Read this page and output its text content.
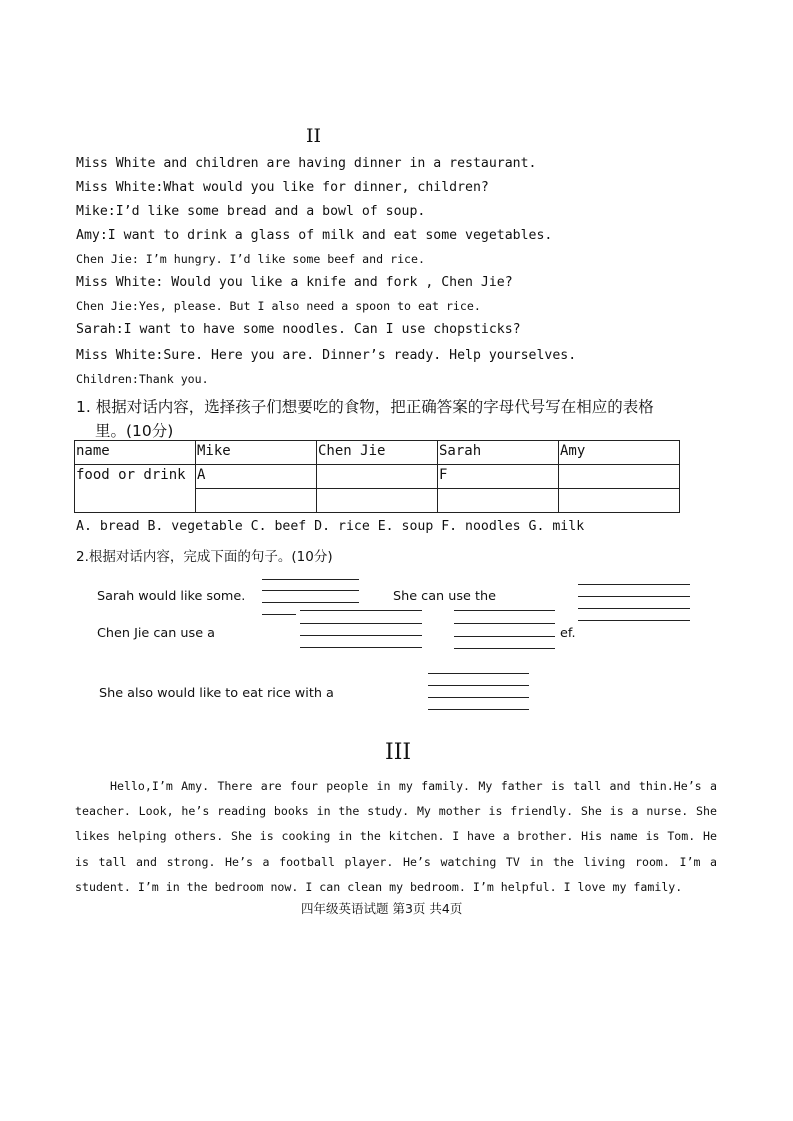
II
Miss White and children are having dinner in a restaurant.
Miss White:What would you like for dinner, children?
Mike:I’d like some bread and a bowl of soup.
Amy:I want to drink a glass of milk and eat some vegetables.
Chen Jie: I’m hungry. I’d like some beef and rice.
Miss White: Would you like a knife and fork , Chen Jie?
Chen Jie:Yes, please. But I also need a spoon to eat rice.
Sarah:I want to have some noodles. Can I use chopsticks?
Miss White:Sure. Here you are. Dinner’s ready. Help yourselves.
Children:Thank you.
1. 根据对话内容，选择孩子们想要吃的食物，把正确答案的字母代号写在相应的表格
里。(10分)
name	Mike	Chen Jie	Sarah	Amy
food or drink	A		F	

A. bread B. vegetable C. beef D. rice E. soup F. noodles G. milk
2.根据对话内容，完成下面的句子。(10分)
Sarah would like some.	She can use the
Chen Jie can use a	ef.
She also would like to eat rice with a
III
Hello,I’m Amy. There are four people in my family. My father is tall and thin.He’s a teacher. Look, he’s reading books in the study. My mother is friendly. She is a nurse. She likes helping others. She is cooking in the kitchen. I have a brother. His name is Tom. He is tall and strong. He’s a football player. He’s watching TV in the living room. I’m a student. I’m in the bedroom now. I can clean my bedroom. I’m helpful. I love my family.
四年级英语试题 第3页 共4页
